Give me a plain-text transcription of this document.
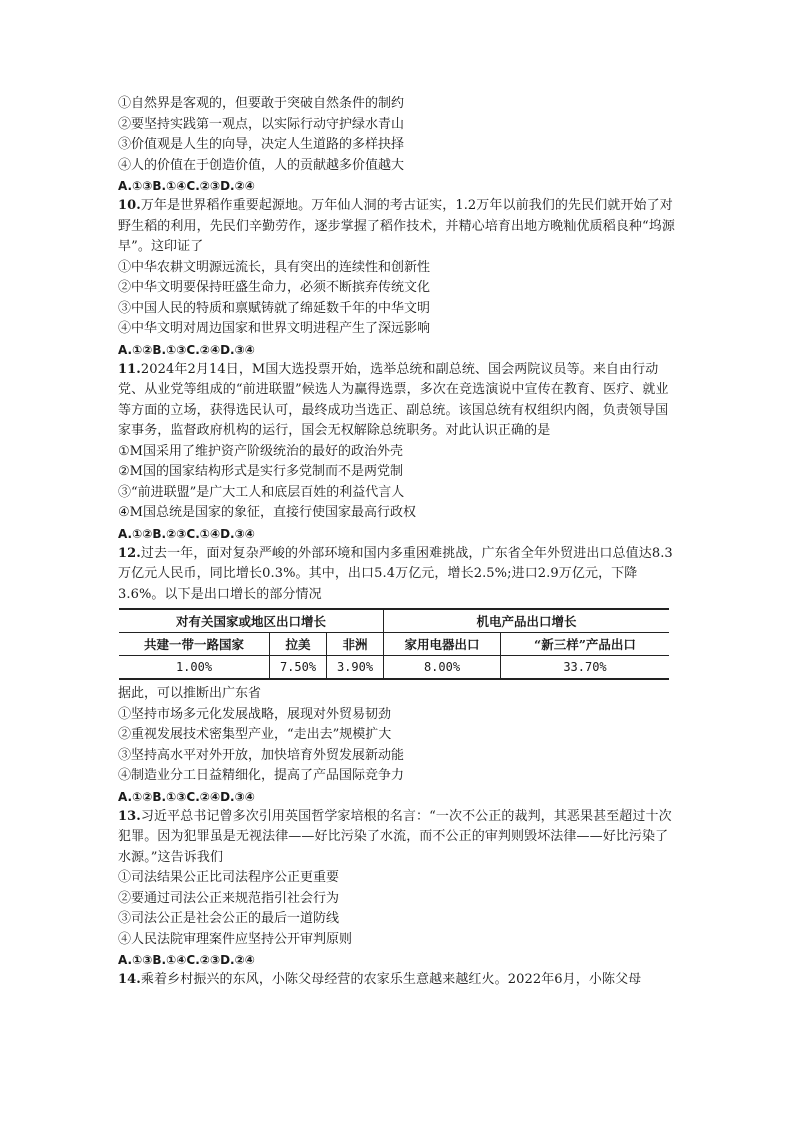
①自然界是客观的，但要敢于突破自然条件的制约

②要坚持实践第一观点，以实际行动守护绿水青山

③价值观是人生的向导，决定人生道路的多样抉择

④人的价值在于创造价值，人的贡献越多价值越大

A.①③B.①④C.②③D.②④

10.万年是世界稻作重要起源地。万年仙人洞的考古证实，1.2万年以前我们的先民们就开始了对野生稻的利用，先民们辛勤劳作，逐步掌握了稻作技术，并精心培育出地方晚籼优质稻良种“坞源早”。这印证了

①中华农耕文明源远流长，具有突出的连续性和创新性

②中华文明要保持旺盛生命力，必须不断摈弃传统文化

③中国人民的特质和禀赋铸就了绵延数千年的中华文明

④中华文明对周边国家和世界文明进程产生了深远影响

A.①②B.①③C.②④D.③④

11.2024年2月14日，M国大选投票开始，选举总统和副总统、国会两院议员等。来自由行动党、从业党等组成的“前进联盟”候选人为赢得选票，多次在竞选演说中宣传在教育、医疗、就业等方面的立场，获得选民认可，最终成功当选正、副总统。该国总统有权组织内阁，负责领导国家事务，监督政府机构的运行，国会无权解除总统职务。对此认识正确的是

①M国采用了维护资产阶级统治的最好的政治外壳

②M国的国家结构形式是实行多党制而不是两党制

③“前进联盟”是广大工人和底层百姓的利益代言人

④M国总统是国家的象征，直接行使国家最高行政权

A.①②B.②③C.①④D.③④

12.过去一年，面对复杂严峻的外部环境和国内多重困难挑战，广东省全年外贸进出口总值达8.3万亿元人民币，同比增长0.3%。其中，出口5.4万亿元，增长2.5%;进口2.9万亿元，下降3.6%。以下是出口增长的部分情况

对有关国家或地区出口增长			机电产品出口增长	
共建一带一路国家	拉美	非洲	家用电器出口	“新三样”产品出口
1.00%	7.50%	3.90%	8.00%	33.70%

据此，可以推断出广东省

①坚持市场多元化发展战略，展现对外贸易韧劲

②重视发展技术密集型产业，“走出去”规模扩大

③坚持高水平对外开放，加快培育外贸发展新动能

④制造业分工日益精细化，提高了产品国际竞争力

A.①②B.①③C.②④D.③④

13.习近平总书记曾多次引用英国哲学家培根的名言：“一次不公正的裁判，其恶果甚至超过十次犯罪。因为犯罪虽是无视法律——好比污染了水流，而不公正的审判则毁坏法律——好比污染了水源。”这告诉我们

①司法结果公正比司法程序公正更重要

②要通过司法公正来规范指引社会行为

③司法公正是社会公正的最后一道防线

④人民法院审理案件应坚持公开审判原则

A.①③B.①④C.②③D.②④

14.乘着乡村振兴的东风，小陈父母经营的农家乐生意越来越红火。2022年6月，小陈父母
